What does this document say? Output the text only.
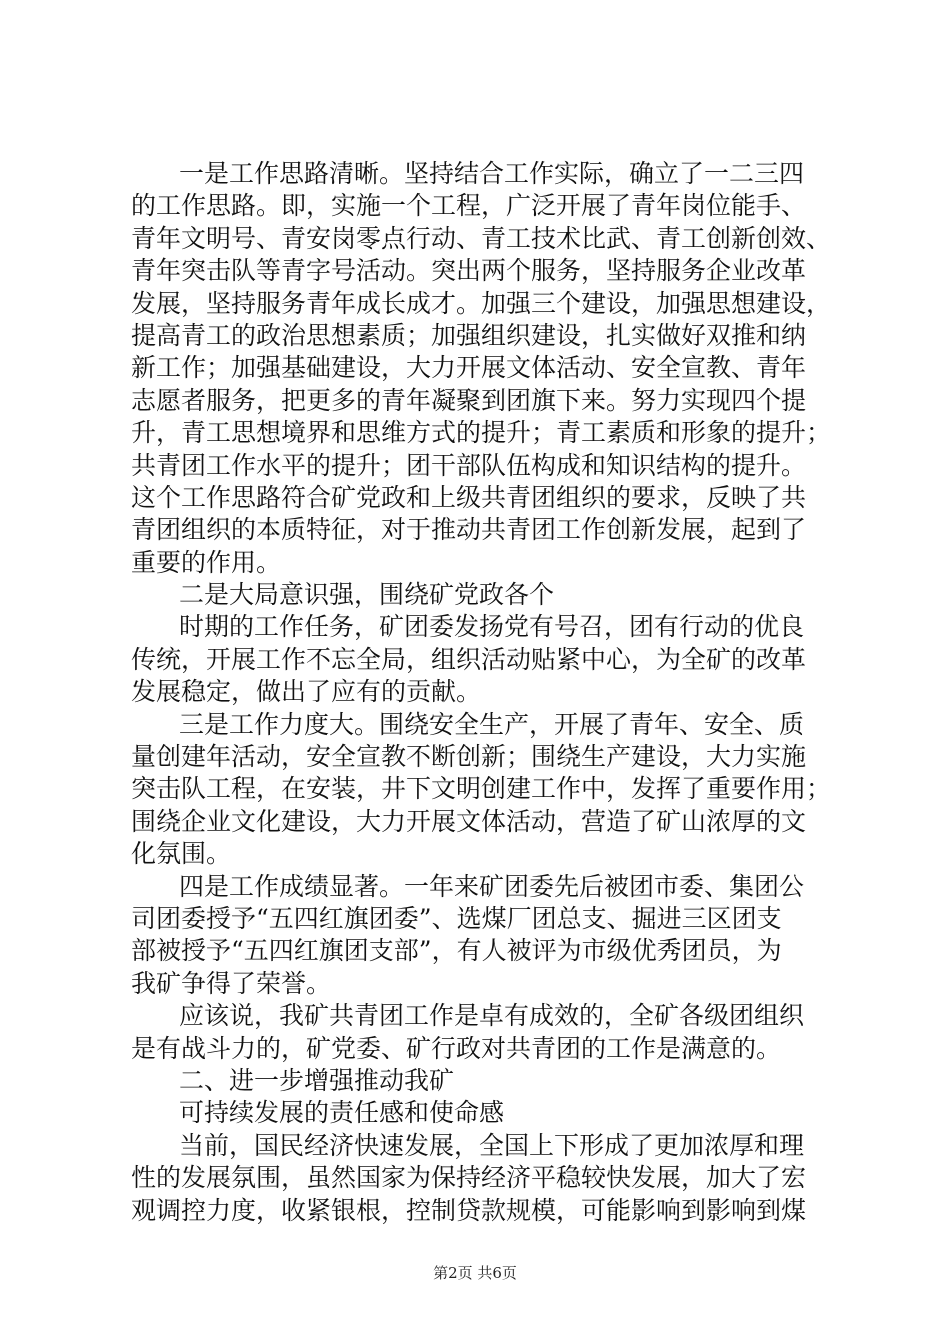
一是工作思路清晰。坚持结合工作实际，确立了一二三四
的工作思路。即，实施一个工程，广泛开展了青年岗位能手、
青年文明号、青安岗零点行动、青工技术比武、青工创新创效、
青年突击队等青字号活动。突出两个服务，坚持服务企业改革
发展，坚持服务青年成长成才。加强三个建设，加强思想建设，
提高青工的政治思想素质；加强组织建设，扎实做好双推和纳
新工作；加强基础建设，大力开展文体活动、安全宣教、青年
志愿者服务，把更多的青年凝聚到团旗下来。努力实现四个提
升，青工思想境界和思维方式的提升；青工素质和形象的提升；
共青团工作水平的提升；团干部队伍构成和知识结构的提升。
这个工作思路符合矿党政和上级共青团组织的要求，反映了共
青团组织的本质特征，对于推动共青团工作创新发展，起到了
重要的作用。
二是大局意识强，围绕矿党政各个
时期的工作任务，矿团委发扬党有号召，团有行动的优良
传统，开展工作不忘全局，组织活动贴紧中心，为全矿的改革
发展稳定，做出了应有的贡献。
三是工作力度大。围绕安全生产，开展了青年、安全、质
量创建年活动，安全宣教不断创新；围绕生产建设，大力实施
突击队工程，在安装，井下文明创建工作中，发挥了重要作用；
围绕企业文化建设，大力开展文体活动，营造了矿山浓厚的文
化氛围。
四是工作成绩显著。一年来矿团委先后被团市委、集团公
司团委授予“五四红旗团委”、选煤厂团总支、掘进三区团支
部被授予“五四红旗团支部”，有人被评为市级优秀团员，为
我矿争得了荣誉。
应该说，我矿共青团工作是卓有成效的，全矿各级团组织
是有战斗力的，矿党委、矿行政对共青团的工作是满意的。
二、进一步增强推动我矿
可持续发展的责任感和使命感
当前，国民经济快速发展，全国上下形成了更加浓厚和理
性的发展氛围，虽然国家为保持经济平稳较快发展，加大了宏
观调控力度，收紧银根，控制贷款规模，可能影响到影响到煤
第2页 共6页
